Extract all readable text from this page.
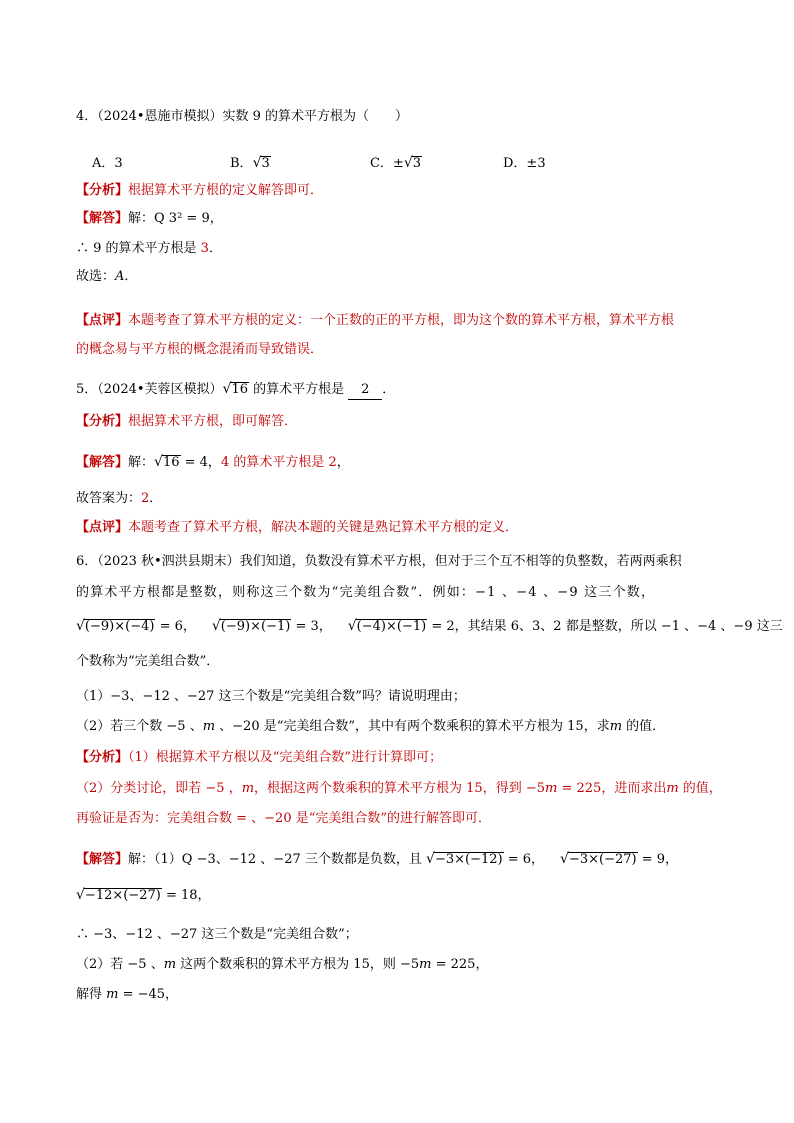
4．（2024•恩施市模拟）实数 9 的算术平方根为（　　）
A．3	B．√3	C．±√3	D．±3
【分析】根据算术平方根的定义解答即可．
【解答】解：Q 3² = 9，
∴ 9 的算术平方根是 3．
故选：A．
【点评】本题考查了算术平方根的定义：一个正数的正的平方根，即为这个数的算术平方根，算术平方根
的概念易与平方根的概念混淆而导致错误．
5．（2024•芙蓉区模拟）√16 的算术平方根是 2 ．
【分析】根据算术平方根，即可解答．
【解答】解：√16 = 4，4 的算术平方根是 2，
故答案为：2．
【点评】本题考查了算术平方根，解决本题的关键是熟记算术平方根的定义．
6．（2023 秋•泗洪县期末）我们知道，负数没有算术平方根，但对于三个互不相等的负整数，若两两乘积
的算术平方根都是整数，则称这三个数为“完美组合数”．例如：−1 、−4 、−9 这三个数，
√(−9)×(−4) = 6， √(−9)×(−1) = 3， √(−4)×(−1) = 2，其结果 6、3、2 都是整数，所以 −1 、−4 、−9 这三
个数称为“完美组合数”．
（1）−3、−12 、−27 这三个数是“完美组合数”吗？请说明理由；
（2）若三个数 −5 、m 、−20 是“完美组合数”，其中有两个数乘积的算术平方根为 15，求m 的值．
【分析】（1）根据算术平方根以及“完美组合数”进行计算即可；
（2）分类讨论，即若 −5 ，m，根据这两个数乘积的算术平方根为 15，得到 −5m = 225，进而求出m 的值，
再验证是否为：完美组合数 = 、−20 是“完美组合数”的进行解答即可．
【解答】解：（1）Q −3、−12 、−27 三个数都是负数，且 √−3×(−12) = 6， √−3×(−27) = 9，
√−12×(−27) = 18，
∴ −3、−12 、−27 这三个数是“完美组合数”；
（2）若 −5 、m 这两个数乘积的算术平方根为 15，则 −5m = 225，
解得 m = −45，
